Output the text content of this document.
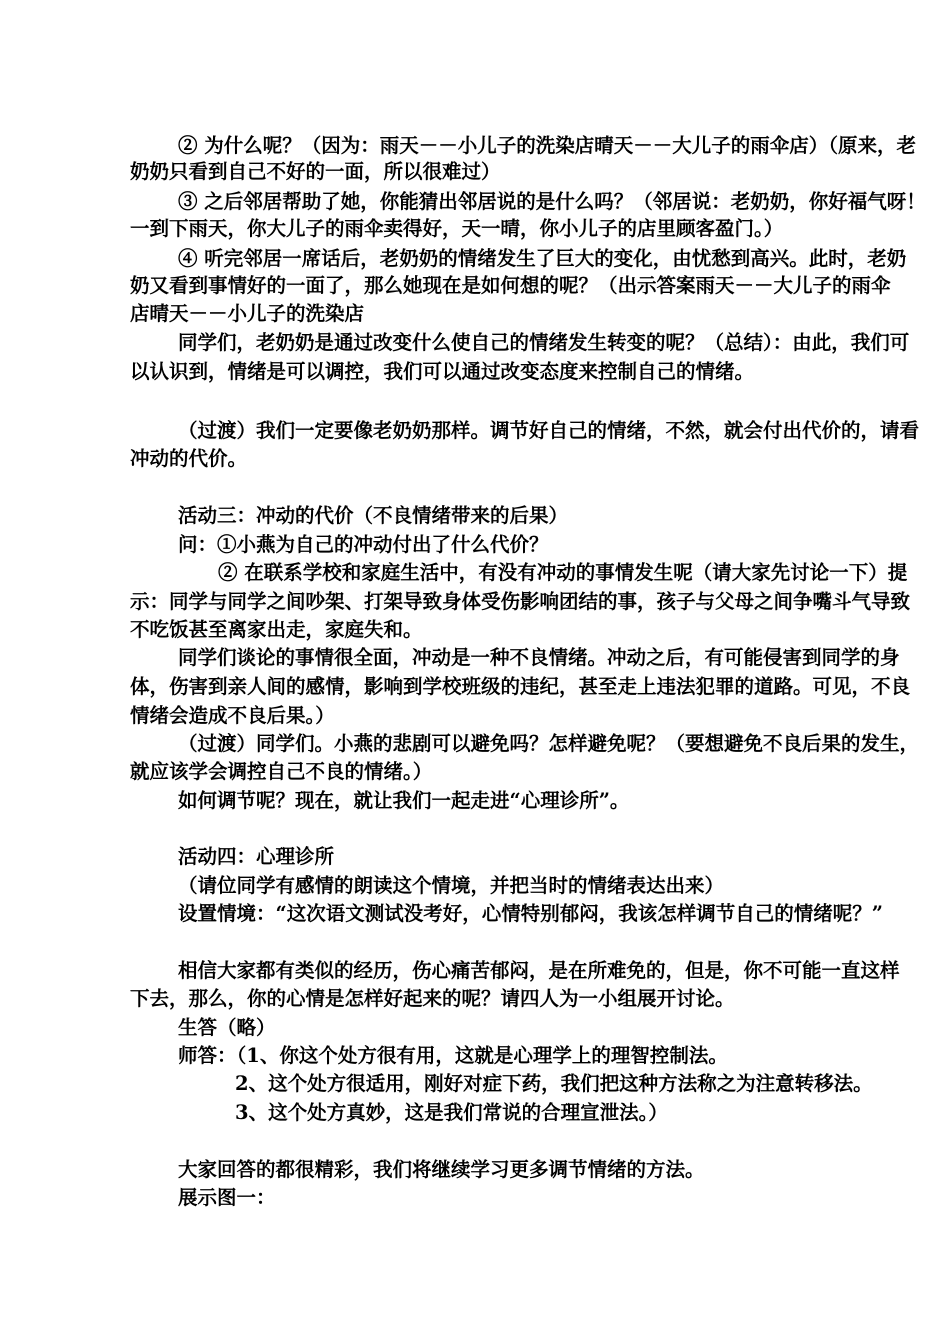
② 为什么呢？（因为：雨天－－小儿子的洗染店晴天－－大儿子的雨伞店）（原来，老
奶奶只看到自己不好的一面，所以很难过）
③ 之后邻居帮助了她，你能猜出邻居说的是什么吗？（邻居说：老奶奶，你好福气呀！
一到下雨天，你大儿子的雨伞卖得好，天一晴，你小儿子的店里顾客盈门。）
④ 听完邻居一席话后，老奶奶的情绪发生了巨大的变化，由忧愁到高兴。此时，老奶
奶又看到事情好的一面了，那么她现在是如何想的呢？（出示答案雨天－－大儿子的雨伞
店晴天－－小儿子的洗染店
同学们，老奶奶是通过改变什么使自己的情绪发生转变的呢？（总结）：由此，我们可
以认识到，情绪是可以调控，我们可以通过改变态度来控制自己的情绪。
（过渡）我们一定要像老奶奶那样。调节好自己的情绪，不然，就会付出代价的，请看
冲动的代价。
活动三：冲动的代价（不良情绪带来的后果）
问：①小燕为自己的冲动付出了什么代价？
② 在联系学校和家庭生活中，有没有冲动的事情发生呢（请大家先讨论一下）提
示：同学与同学之间吵架、打架导致身体受伤影响团结的事，孩子与父母之间争嘴斗气导致
不吃饭甚至离家出走，家庭失和。
同学们谈论的事情很全面，冲动是一种不良情绪。冲动之后，有可能侵害到同学的身
体，伤害到亲人间的感情，影响到学校班级的违纪，甚至走上违法犯罪的道路。可见，不良
情绪会造成不良后果。）
（过渡）同学们。小燕的悲剧可以避免吗？怎样避免呢？（要想避免不良后果的发生，
就应该学会调控自己不良的情绪。）
如何调节呢？现在，就让我们一起走进“心理诊所”。
活动四：心理诊所
（请位同学有感情的朗读这个情境，并把当时的情绪表达出来）
设置情境：“这次语文测试没考好，心情特别郁闷，我该怎样调节自己的情绪呢？”
相信大家都有类似的经历，伤心痛苦郁闷，是在所难免的，但是，你不可能一直这样
下去，那么，你的心情是怎样好起来的呢？请四人为一小组展开讨论。
生答（略）
师答：（1、你这个处方很有用，这就是心理学上的理智控制法。
2、这个处方很适用，刚好对症下药，我们把这种方法称之为注意转移法。
3、这个处方真妙，这是我们常说的合理宣泄法。）
大家回答的都很精彩，我们将继续学习更多调节情绪的方法。
展示图一：
